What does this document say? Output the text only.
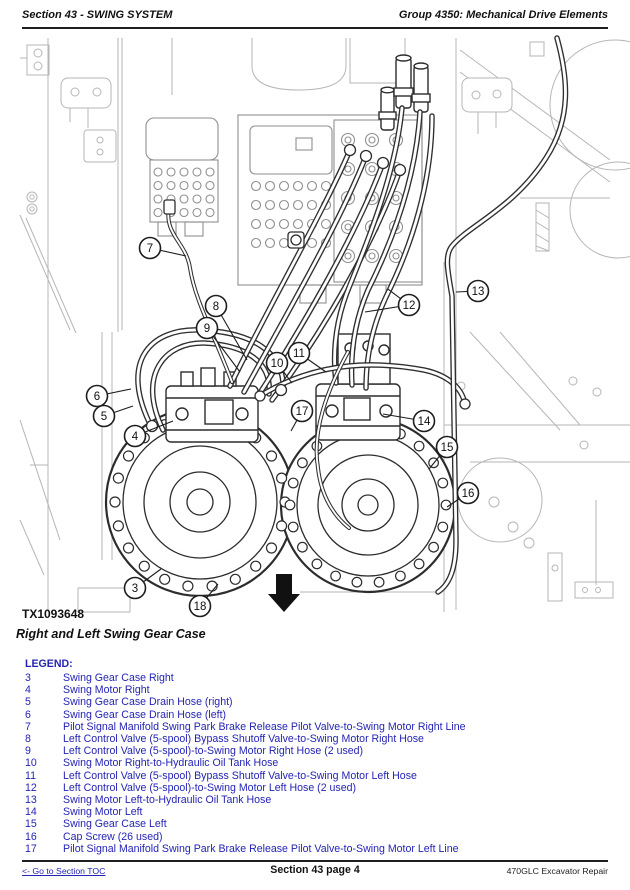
Section 43 - SWING SYSTEM	Group 4350: Mechanical Drive Elements
TX1093648
7
8
9
10
11
12
13
6
5
4
17
14
15
16
3
18
Right and Left Swing Gear Case
LEGEND:
3	Swing Gear Case Right
4	Swing Motor Right
5	Swing Gear Case Drain Hose (right)
6	Swing Gear Case Drain Hose (left)
7	Pilot Signal Manifold Swing Park Brake Release Pilot Valve-to-Swing Motor Right Line
8	Left Control Valve (5-spool) Bypass Shutoff Valve-to-Swing Motor Right Hose
9	Left Control Valve (5-spool)-to-Swing Motor Right Hose (2 used)
10	Swing Motor Right-to-Hydraulic Oil Tank Hose
11	Left Control Valve (5-spool) Bypass Shutoff Valve-to-Swing Motor Left Hose
12	Left Control Valve (5-spool)-to-Swing Motor Left Hose (2 used)
13	Swing Motor Left-to-Hydraulic Oil Tank Hose
14	Swing Motor Left
15	Swing Gear Case Left
16	Cap Screw (26 used)
17	Pilot Signal Manifold Swing Park Brake Release Pilot Valve-to-Swing Motor Left Line
<- Go to Section TOC	Section 43 page 4	470GLC Excavator Repair
